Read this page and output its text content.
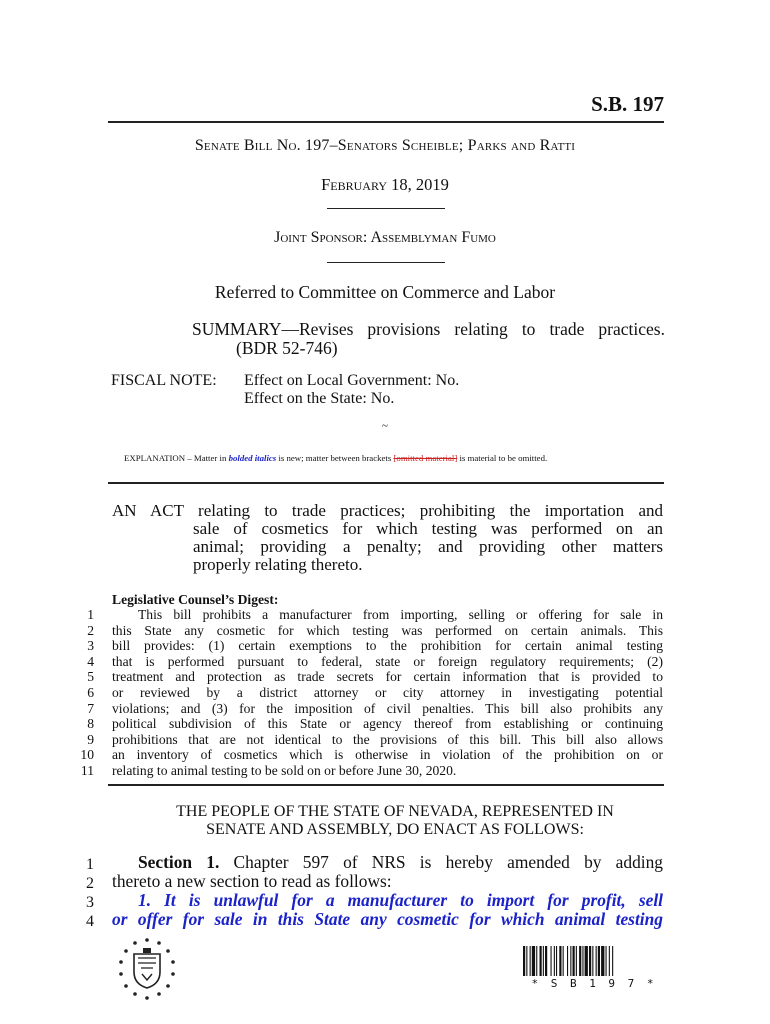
S.B. 197
Senate Bill No. 197–Senators Scheible; Parks and Ratti
February 18, 2019
Joint Sponsor: Assemblyman Fumo
Referred to Committee on Commerce and Labor
SUMMARY—Revises provisions relating to trade practices.
(BDR 52-746)
FISCAL NOTE: Effect on Local Government: No.
Effect on the State: No.
~
EXPLANATION – Matter in bolded italics is new; matter between brackets [omitted material] is material to be omitted.
AN ACT relating to trade practices; prohibiting the importation and
sale of cosmetics for which testing was performed on an
animal; providing a penalty; and providing other matters
properly relating thereto.
Legislative Counsel’s Digest:
1	This bill prohibits a manufacturer from importing, selling or offering for sale in
2 this State any cosmetic for which testing was performed on certain animals. This
3 bill provides: (1) certain exemptions to the prohibition for certain animal testing
4 that is performed pursuant to federal, state or foreign regulatory requirements; (2)
5 treatment and protection as trade secrets for certain information that is provided to
6 or reviewed by a district attorney or city attorney in investigating potential
7 violations; and (3) for the imposition of civil penalties. This bill also prohibits any
8 political subdivision of this State or agency thereof from establishing or continuing
9 prohibitions that are not identical to the provisions of this bill. This bill also allows
10 an inventory of cosmetics which is otherwise in violation of the prohibition on or
11 relating to animal testing to be sold on or before June 30, 2020.
THE PEOPLE OF THE STATE OF NEVADA, REPRESENTED IN
SENATE AND ASSEMBLY, DO ENACT AS FOLLOWS:
1	Section 1. Chapter 597 of NRS is hereby amended by adding
2 thereto a new section to read as follows:
3	1. It is unlawful for a manufacturer to import for profit, sell
4 or offer for sale in this State any cosmetic for which animal testing
* S B 1 9 7 *
